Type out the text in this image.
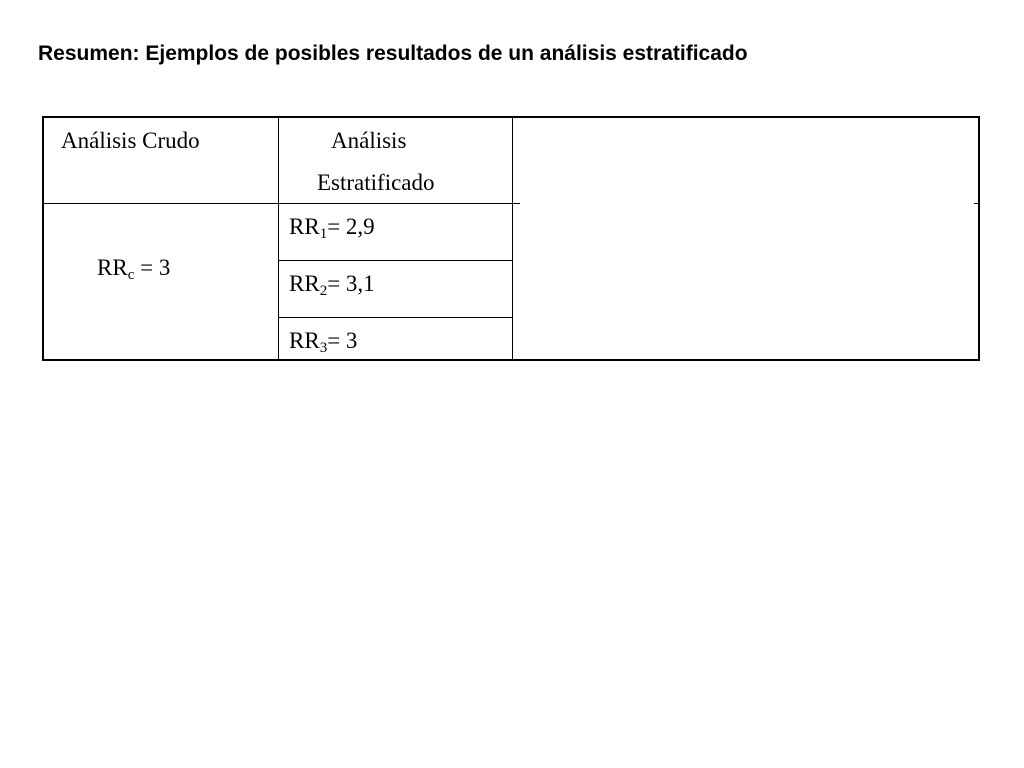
Resumen: Ejemplos de posibles resultados de un análisis estratificado
Análisis Crudo	Análisis
Estratificado
$RR_c = 3$
$RR_1= 2,9$
$RR_2= 3,1$
$RR_3= 3$
